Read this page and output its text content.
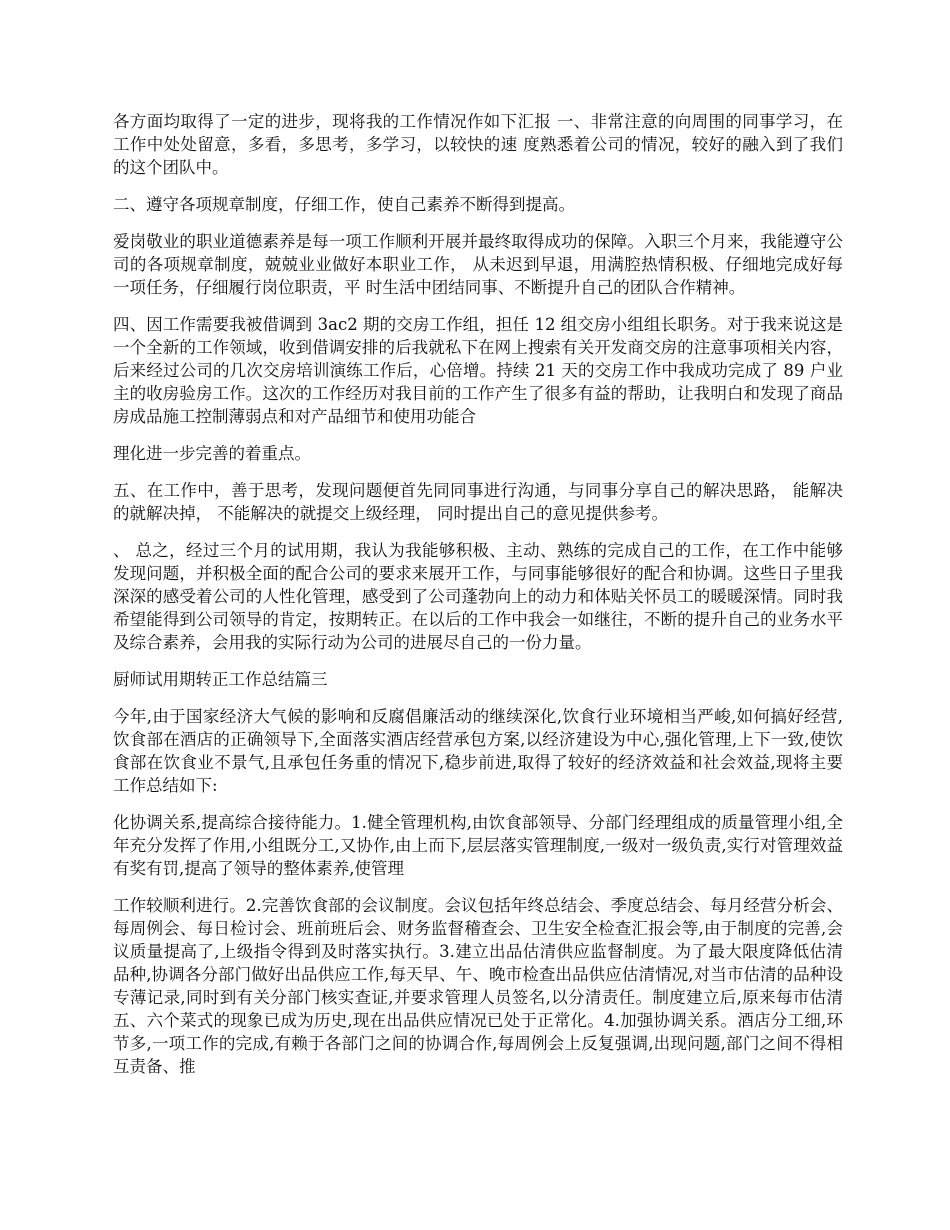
各方面均取得了一定的进步，现将我的工作情况作如下汇报 一、非常注意的向周围的同事学习，在工作中处处留意，多看，多思考，多学习，以较快的速 度熟悉着公司的情况，较好的融入到了我们的这个团队中。

二、遵守各项规章制度，仔细工作，使自己素养不断得到提高。

爱岗敬业的职业道德素养是每一项工作顺利开展并最终取得成功的保障。入职三个月来，我能遵守公司的各项规章制度，兢兢业业做好本职业工作， 从未迟到早退，用满腔热情积极、仔细地完成好每一项任务，仔细履行岗位职责，平 时生活中团结同事、不断提升自己的团队合作精神。

四、因工作需要我被借调到 3ac2 期的交房工作组，担任 12 组交房小组组长职务。对于我来说这是一个全新的工作领域，收到借调安排的后我就私下在网上搜索有关开发商交房的注意事项相关内容，后来经过公司的几次交房培训演练工作后，心倍增。持续 21 天的交房工作中我成功完成了 89 户业主的收房验房工作。这次的工作经历对我目前的工作产生了很多有益的帮助，让我明白和发现了商品房成品施工控制薄弱点和对产品细节和使用功能合

理化进一步完善的着重点。

五、在工作中，善于思考，发现问题便首先同同事进行沟通，与同事分享自己的解决思路， 能解决的就解决掉， 不能解决的就提交上级经理， 同时提出自己的意见提供参考。

、 总之，经过三个月的试用期，我认为我能够积极、主动、熟练的完成自己的工作，在工作中能够 发现问题，并积极全面的配合公司的要求来展开工作，与同事能够很好的配合和协调。这些日子里我深深的感受着公司的人性化管理，感受到了公司蓬勃向上的动力和体贴关怀员工的暖暖深情。同时我希望能得到公司领导的肯定，按期转正。在以后的工作中我会一如继往，不断的提升自己的业务水平及综合素养，会用我的实际行动为公司的进展尽自己的一份力量。

厨师试用期转正工作总结篇三

今年,由于国家经济大气候的影响和反腐倡廉活动的继续深化,饮食行业环境相当严峻,如何搞好经营,饮食部在酒店的正确领导下,全面落实酒店经营承包方案,以经济建设为中心,强化管理,上下一致,使饮食部在饮食业不景气,且承包任务重的情况下,稳步前进,取得了较好的经济效益和社会效益,现将主要工作总结如下:

化协调关系,提高综合接待能力。1.健全管理机构,由饮食部领导、分部门经理组成的质量管理小组,全年充分发挥了作用,小组既分工,又协作,由上而下,层层落实管理制度,一级对一级负责,实行对管理效益有奖有罚,提高了领导的整体素养,使管理

工作较顺利进行。2.完善饮食部的会议制度。会议包括年终总结会、季度总结会、每月经营分析会、每周例会、每日检讨会、班前班后会、财务监督稽查会、卫生安全检查汇报会等,由于制度的完善,会议质量提高了,上级指令得到及时落实执行。3.建立出品估清供应监督制度。为了最大限度降低估清品种,协调各分部门做好出品供应工作,每天早、午、晚市检查出品供应估清情况,对当市估清的品种设专薄记录,同时到有关分部门核实查证,并要求管理人员签名,以分清责任。制度建立后,原来每市估清五、六个菜式的现象已成为历史,现在出品供应情况已处于正常化。4.加强协调关系。酒店分工细,环节多,一项工作的完成,有赖于各部门之间的协调合作,每周例会上反复强调,出现问题,部门之间不得相互责备、推
